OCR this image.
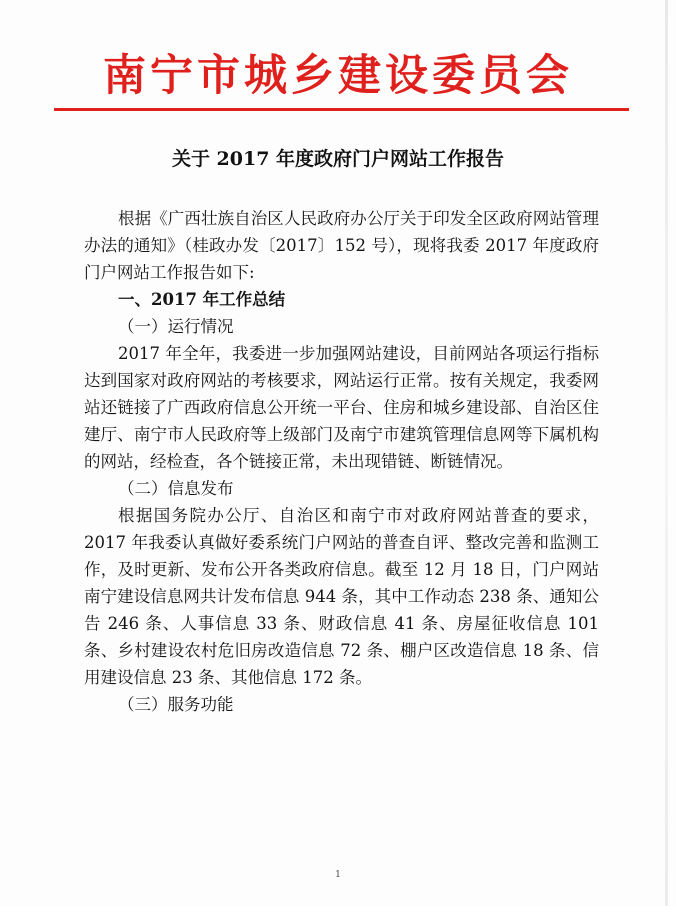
南宁市城乡建设委员会
关于 2017 年度政府门户网站工作报告

根据《广西壮族自治区人民政府办公厅关于印发全区政府网站管理办法的通知》（桂政办发〔2017〕152 号），现将我委 2017 年度政府门户网站工作报告如下:

一、2017 年工作总结

（一）运行情况

2017 年全年，我委进一步加强网站建设，目前网站各项运行指标达到国家对政府网站的考核要求，网站运行正常。按有关规定，我委网站还链接了广西政府信息公开统一平台、住房和城乡建设部、自治区住建厅、南宁市人民政府等上级部门及南宁市建筑管理信息网等下属机构的网站，经检查，各个链接正常，未出现错链、断链情况。

（二）信息发布

根据国务院办公厅、自治区和南宁市对政府网站普查的要求，2017 年我委认真做好委系统门户网站的普查自评、整改完善和监测工作，及时更新、发布公开各类政府信息。截至 12 月 18 日，门户网站南宁建设信息网共计发布信息 944 条，其中工作动态 238 条、通知公告 246 条、人事信息 33 条、财政信息 41 条、房屋征收信息 101 条、乡村建设农村危旧房改造信息 72 条、棚户区改造信息 18 条、信用建设信息 23 条、其他信息 172 条。

（三）服务功能

1
